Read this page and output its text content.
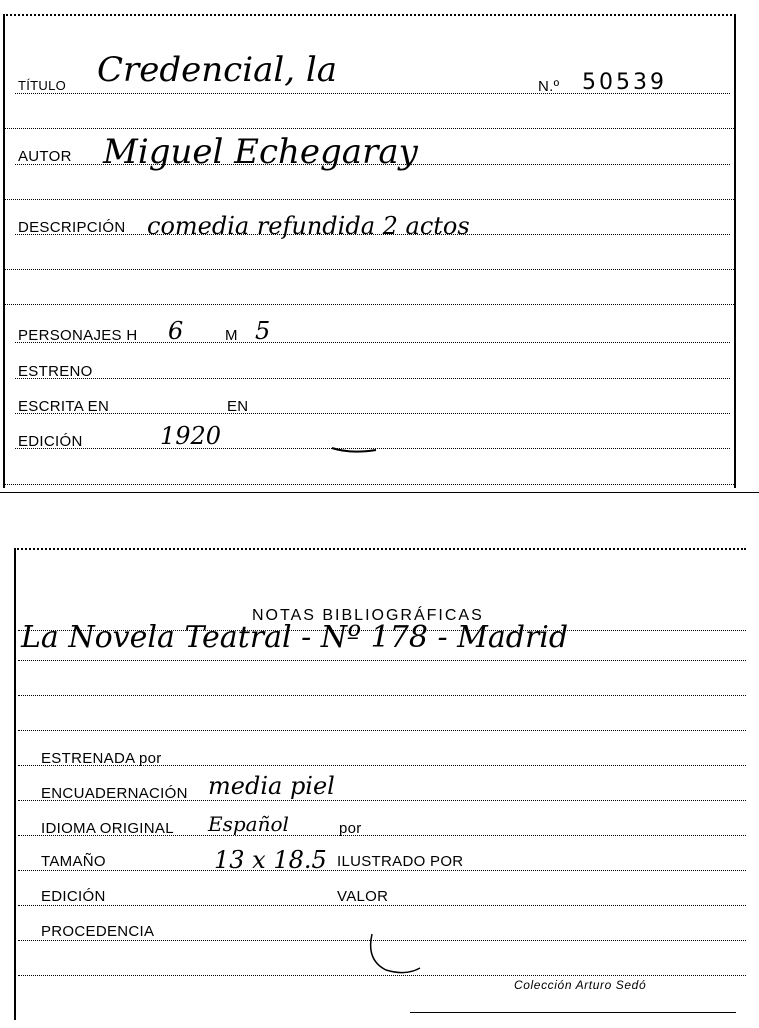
TÍTULO Credencial, la	N.º 50539
AUTOR Miguel Echegaray
DESCRIPCIÓN comedia refundida 2 actos
PERSONAJES H 6	M 5
ESTRENO
ESCRITA EN	EN
EDICIÓN	1920
NOTAS BIBLIOGRÁFICAS
La Novela Teatral - Nº 178 - Madrid
ESTRENADA por
ENCUADERNACIÓN media piel
IDIOMA ORIGINAL Español	por
TAMAÑO	13 x 18.5 ILUSTRADO POR
EDICIÓN	VALOR
PROCEDENCIA
Colección Arturo Sedó
